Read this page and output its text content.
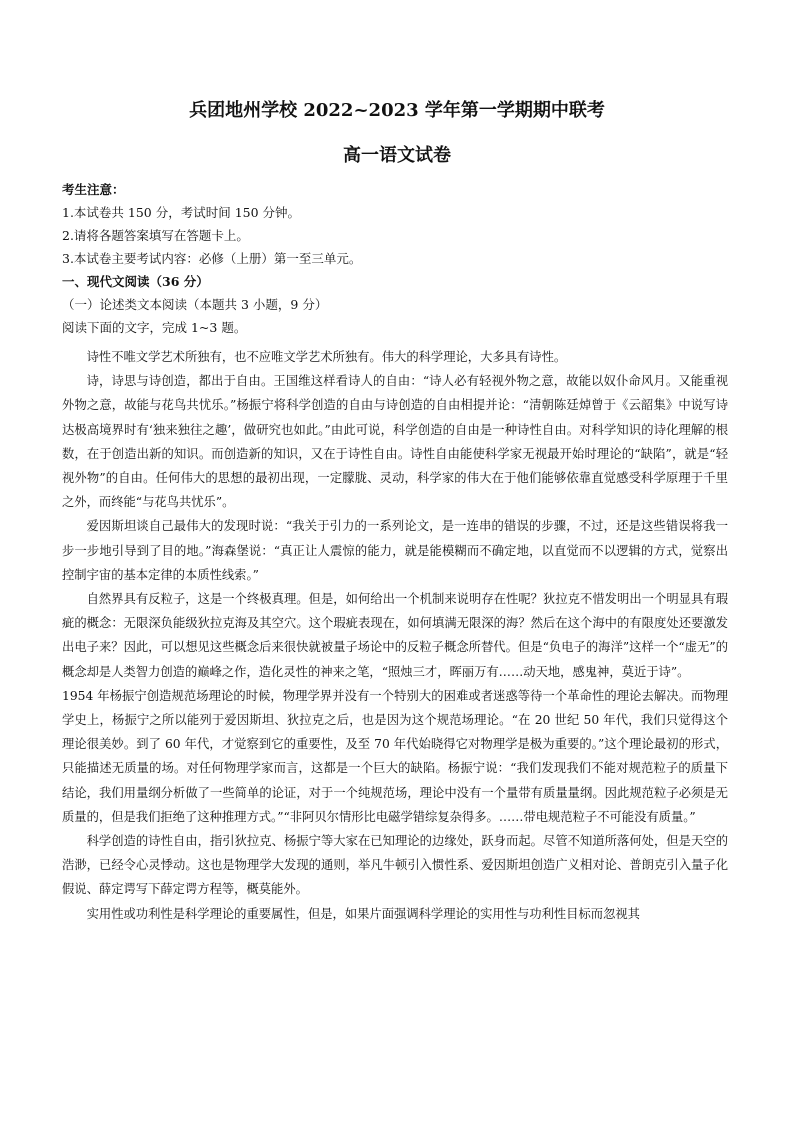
兵团地州学校 2022~2023 学年第一学期期中联考
高一语文试卷

考生注意：

1.本试卷共 150 分，考试时间 150 分钟。

2.请将各题答案填写在答题卡上。

3.本试卷主要考试内容：必修（上册）第一至三单元。

一、现代文阅读（36 分）

（一）论述类文本阅读（本题共 3 小题，9 分）

阅读下面的文字，完成 1~3 题。

诗性不唯文学艺术所独有，也不应唯文学艺术所独有。伟大的科学理论，大多具有诗性。

诗，诗思与诗创造，都出于自由。王国维这样看诗人的自由：“诗人必有轻视外物之意，故能以奴仆命风月。又能重视外物之意，故能与花鸟共忧乐。”杨振宁将科学创造的自由与诗创造的自由相提并论：“清朝陈廷焯曾于《云韶集》中说写诗达极高境界时有‘独来独往之趣’，做研究也如此。”由此可说，科学创造的自由是一种诗性自由。对科学知识的诗化理解的根数，在于创造出新的知识。而创造新的知识，又在于诗性自由。诗性自由能使科学家无视最开始时理论的“缺陷”，就是“轻视外物”的自由。任何伟大的思想的最初出现，一定朦胧、灵动，科学家的伟大在于他们能够依靠直觉感受科学原理于千里之外，而终能“与花鸟共忧乐”。

爱因斯坦谈自己最伟大的发现时说：“我关于引力的一系列论文，是一连串的错误的步骤，不过，还是这些错误将我一步一步地引导到了目的地。”海森堡说：“真正让人震惊的能力，就是能模糊而不确定地，以直觉而不以逻辑的方式，觉察出控制宇宙的基本定律的本质性线索。”

自然界具有反粒子，这是一个终极真理。但是，如何给出一个机制来说明存在性呢？狄拉克不惜发明出一个明显具有瑕疵的概念：无限深负能级狄拉克海及其空穴。这个瑕疵表现在，如何填满无限深的海？然后在这个海中的有限度处还要激发出电子来？因此，可以想见这些概念后来很快就被量子场论中的反粒子概念所替代。但是“负电子的海洋”这样一个“虚无”的概念却是人类智力创造的巅峰之作，造化灵性的神来之笔，“照烛三才，晖丽万有……动天地，感鬼神，莫近于诗”。

1954 年杨振宁创造规范场理论的时候，物理学界并没有一个特别大的困难或者迷惑等待一个革命性的理论去解决。而物理学史上，杨振宁之所以能列于爱因斯坦、狄拉克之后，也是因为这个规范场理论。“在 20 世纪 50 年代，我们只觉得这个理论很美妙。到了 60 年代，才觉察到它的重要性，及至 70 年代始晓得它对物理学是极为重要的。”这个理论最初的形式，只能描述无质量的场。对任何物理学家而言，这都是一个巨大的缺陷。杨振宁说：“我们发现我们不能对规范粒子的质量下结论，我们用量纲分析做了一些简单的论证，对于一个纯规范场，理论中没有一个量带有质量量纲。因此规范粒子必须是无质量的，但是我们拒绝了这种推理方式。”“非阿贝尔情形比电磁学错综复杂得多。……带电规范粒子不可能没有质量。”

科学创造的诗性自由，指引狄拉克、杨振宁等大家在已知理论的边缘处，跃身而起。尽管不知道所落何处，但是天空的浩渺，已经令心灵悸动。这也是物理学大发现的通则，举凡牛顿引入惯性系、爱因斯坦创造广义相对论、普朗克引入量子化假说、薛定谔写下薛定谔方程等，概莫能外。

实用性或功利性是科学理论的重要属性，但是，如果片面强调科学理论的实用性与功利性目标而忽视其
